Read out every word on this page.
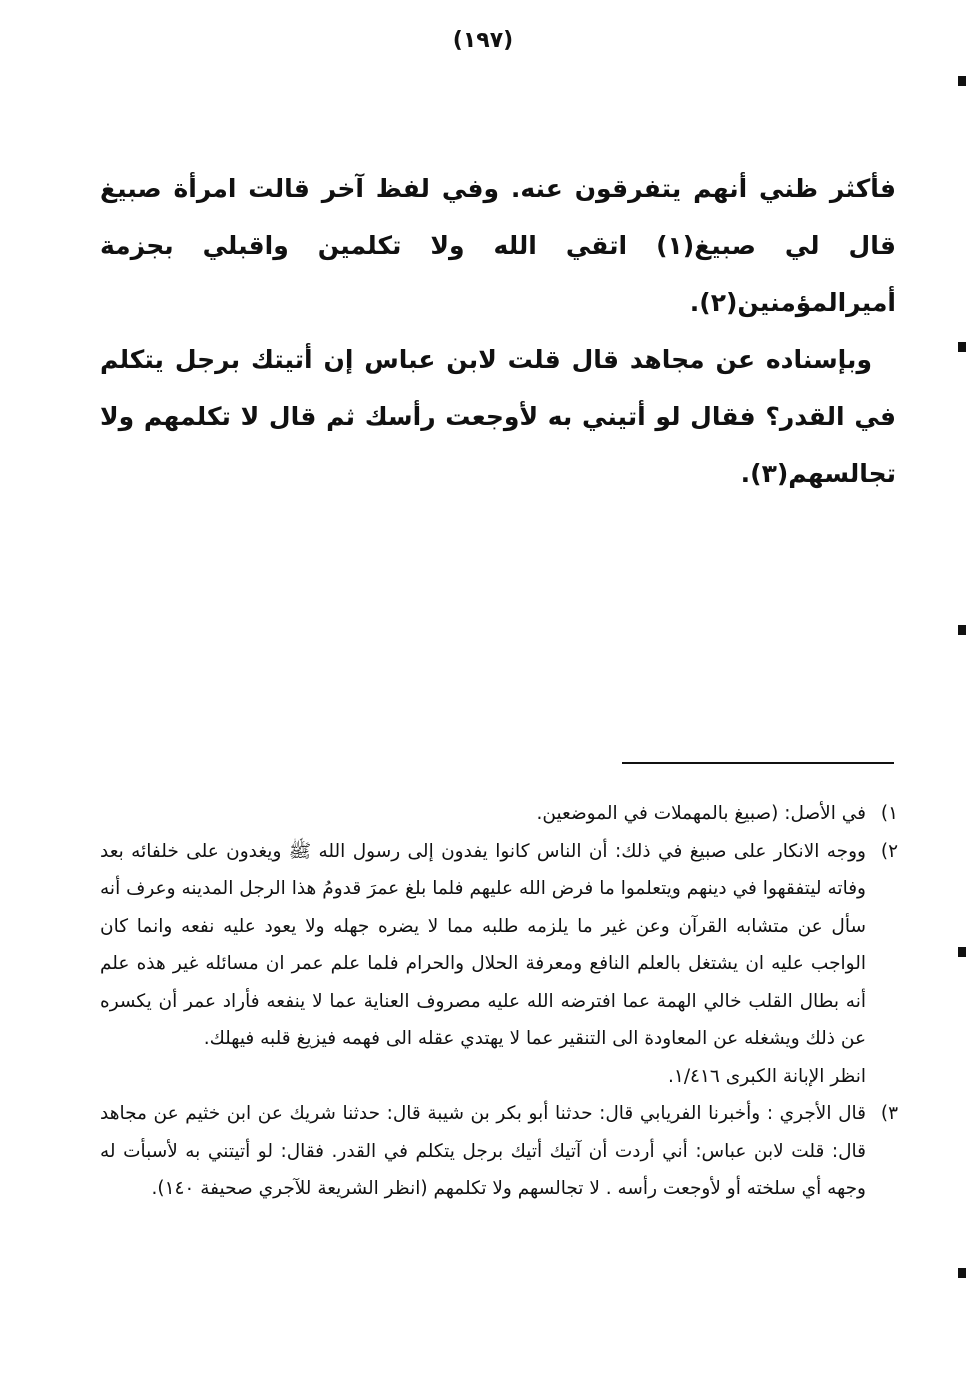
(١٩٧)

فأكثر ظني أنهم يتفرقون عنه. وفي لفظ آخر قالت امرأة صبيغ قال لي صبيغ(١) اتقي الله ولا تكلمين واقبلي بجزمة أميرالمؤمنين(٢).

وبإسناده عن مجاهد قال قلت لابن عباس إن أتيتك برجل يتكلم في القدر؟ فقال لو أتيني به لأوجعت رأسك ثم قال لا تكلمهم ولا تجالسهم(٣).

١)

في الأصل: (صبيغ بالمهملات في الموضعين.

٢)

ووجه الانكار على صبيغ في ذلك: أن الناس كانوا يفدون إلى رسول الله ﷺ ويغدون على خلفائه بعد وفاته ليتفقهوا في دينهم ويتعلموا ما فرض الله عليهم فلما بلغ عمرَ قدومُ هذا الرجل المدينه وعرف أنه سأل عن متشابه القرآن وعن غير ما يلزمه طلبه مما لا يضره جهله ولا يعود عليه نفعه وانما كان الواجب عليه ان يشتغل بالعلم النافع ومعرفة الحلال والحرام فلما علم عمر ان مسائله غير هذه علم أنه بطال القلب خالي الهمة عما افترضه الله عليه مصروف العناية عما لا ينفعه فأراد عمر أن يكسره عن ذلك ويشغله عن المعاودة الى التنقير عما لا يهتدي عقله الى فهمه فيزيغ قلبه فيهلك.

انظر الإبانة الكبرى ١/٤١٦.

٣)

قال الأجري : وأخبرنا الفريابي قال: حدثنا أبو بكر بن شيبة قال: حدثنا شريك عن ابن خثيم عن مجاهد قال: قلت لابن عباس: أني أردت أن آتيك أتيك برجل يتكلم في القدر. فقال: لو أتيتني به لأسبأت له وجهه أي سلخته أو لأوجعت رأسه . لا تجالسهم ولا تكلمهم (انظر الشريعة للآجري صحيفة ١٤٠).
